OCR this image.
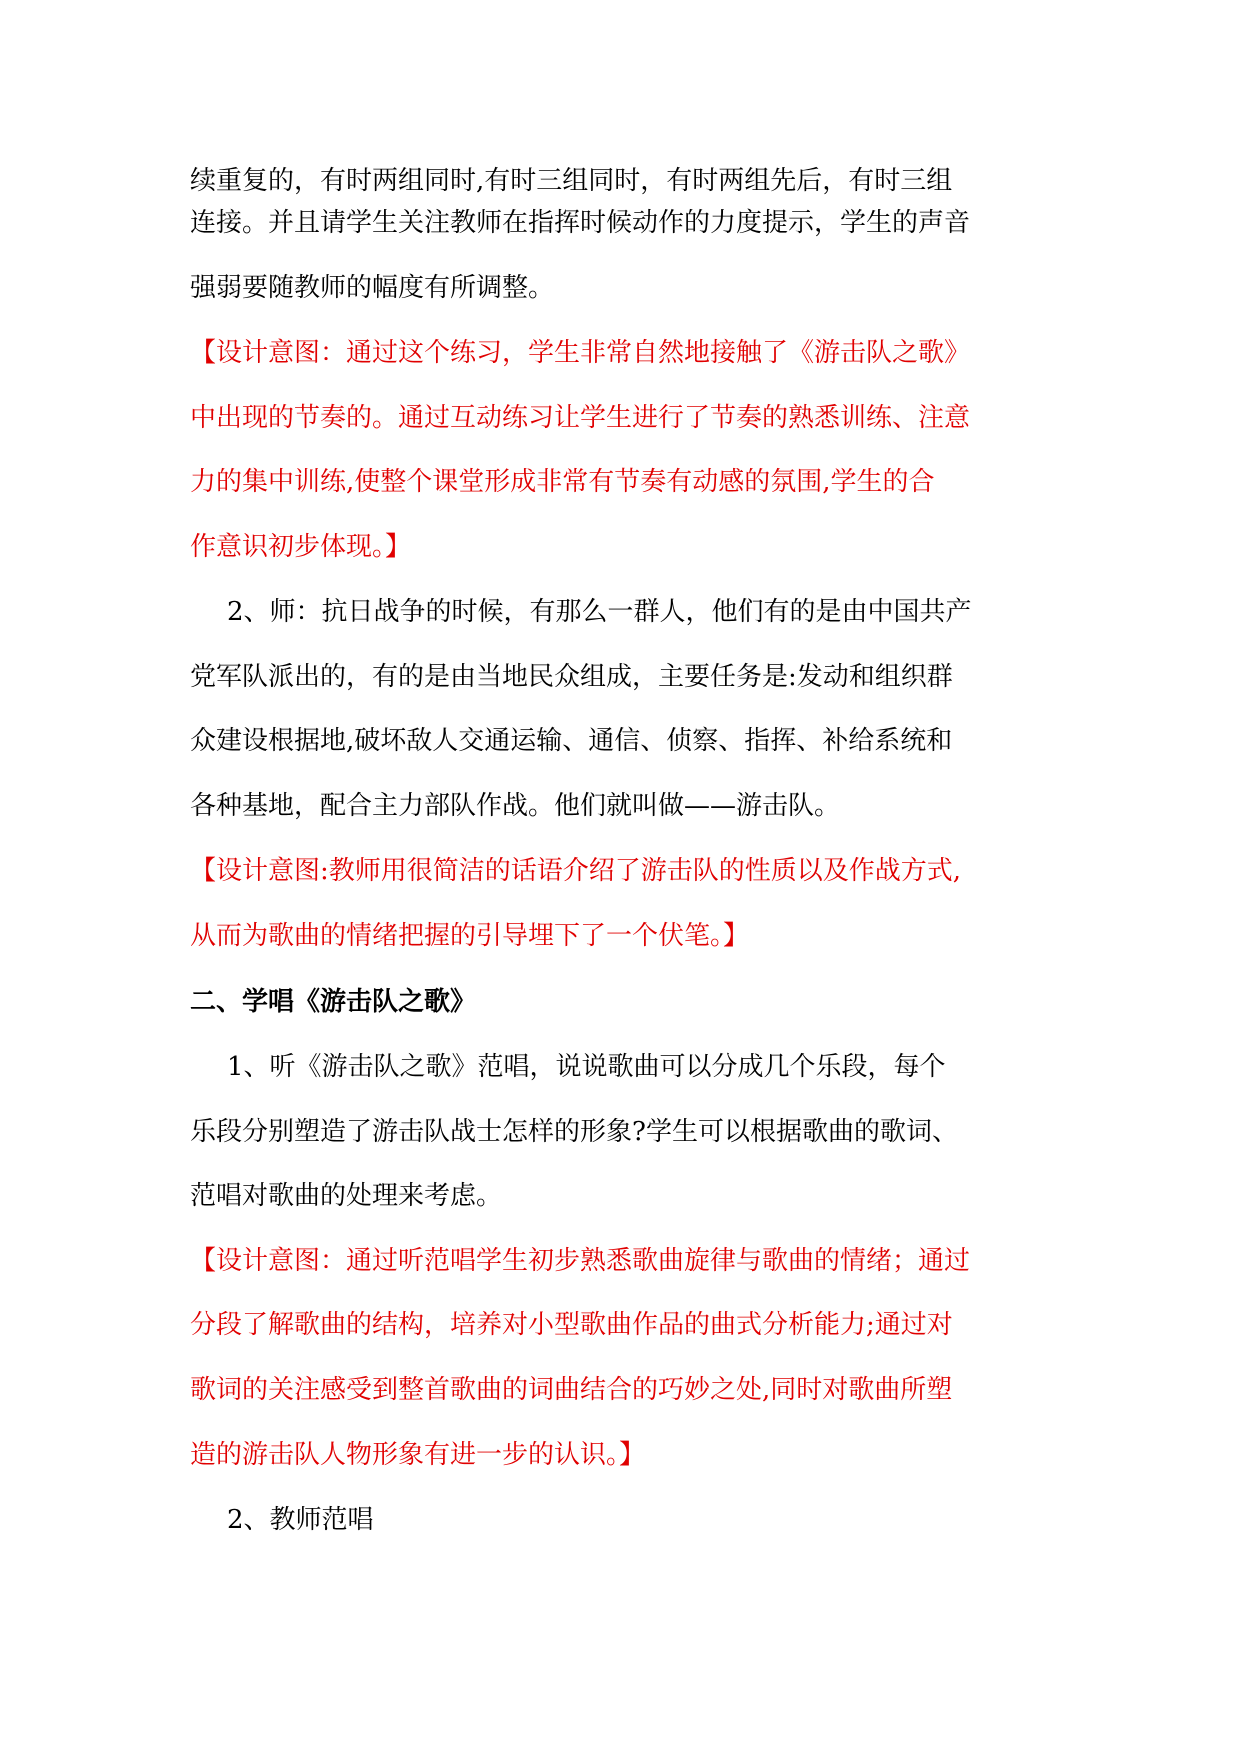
续重复的，有时两组同时,有时三组同时，有时两组先后，有时三组

连接。并且请学生关注教师在指挥时候动作的力度提示，学生的声音

强弱要随教师的幅度有所调整。

【设计意图：通过这个练习，学生非常自然地接触了《游击队之歌》

中出现的节奏的。通过互动练习让学生进行了节奏的熟悉训练、注意

力的集中训练,使整个课堂形成非常有节奏有动感的氛围,学生的合

作意识初步体现。】

2、师：抗日战争的时候，有那么一群人，他们有的是由中国共产

党军队派出的，有的是由当地民众组成，主要任务是:发动和组织群

众建设根据地,破坏敌人交通运输、通信、侦察、指挥、补给系统和

各种基地，配合主力部队作战。他们就叫做——游击队。

【设计意图:教师用很简洁的话语介绍了游击队的性质以及作战方式,

从而为歌曲的情绪把握的引导埋下了一个伏笔。】

二、学唱《游击队之歌》

1、听《游击队之歌》范唱，说说歌曲可以分成几个乐段，每个

乐段分别塑造了游击队战士怎样的形象?学生可以根据歌曲的歌词、

范唱对歌曲的处理来考虑。

【设计意图：通过听范唱学生初步熟悉歌曲旋律与歌曲的情绪；通过

分段了解歌曲的结构，培养对小型歌曲作品的曲式分析能力;通过对

歌词的关注感受到整首歌曲的词曲结合的巧妙之处,同时对歌曲所塑

造的游击队人物形象有进一步的认识。】

2、教师范唱
